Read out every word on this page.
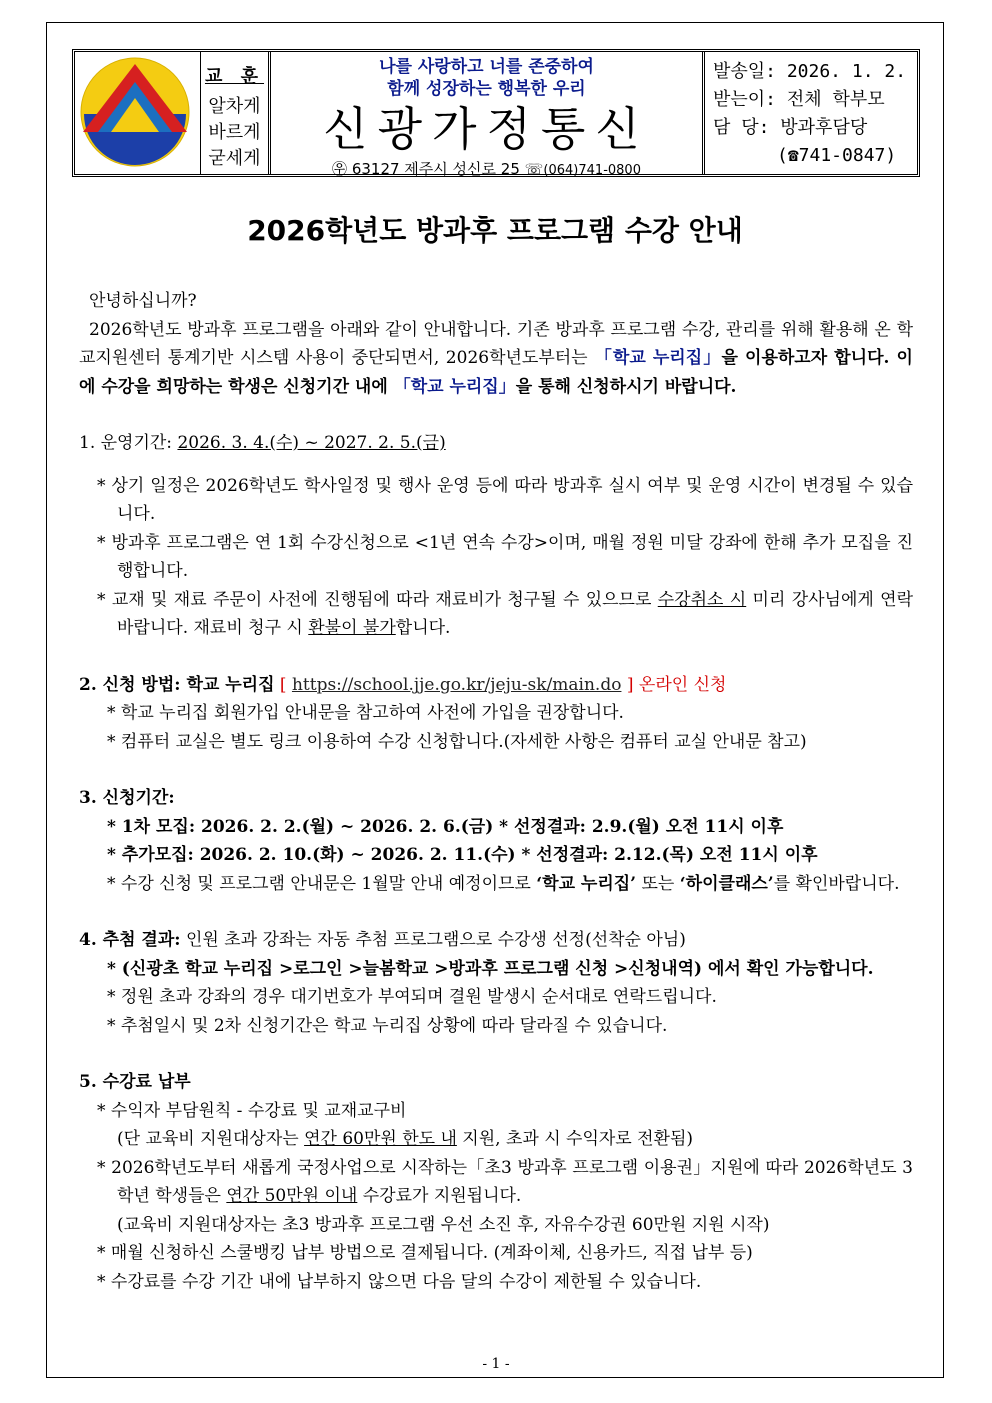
교 훈
알차게
바르게
굳세게
나를 사랑하고 너를 존중하여
함께 성장하는 행복한 우리
신광가정통신
㉾ 63127 제주시 성신로 25 ☏(064)741-0800
발송일: 2026. 1. 2.
받는이: 전체 학부모
담 당: 방과후담당
(☎741-0847)
2026학년도 방과후 프로그램 수강 안내

안녕하십니까?

2026학년도 방과후 프로그램을 아래와 같이 안내합니다. 기존 방과후 프로그램 수강, 관리를 위해 활용해 온 학교지원센터 통계기반 시스템 사용이 중단되면서, 2026학년도부터는 「학교 누리집」을 이용하고자 합니다. 이에 수강을 희망하는 학생은 신청기간 내에 「학교 누리집」을 통해 신청하시기 바랍니다.

1. 운영기간: 2026. 3. 4.(수) ~ 2027. 2. 5.(금)

* 상기 일정은 2026학년도 학사일정 및 행사 운영 등에 따라 방과후 실시 여부 및 운영 시간이 변경될 수 있습니다.

* 방과후 프로그램은 연 1회 수강신청으로 <1년 연속 수강>이며, 매월 정원 미달 강좌에 한해 추가 모집을 진행합니다.

* 교재 및 재료 주문이 사전에 진행됨에 따라 재료비가 청구될 수 있으므로 수강취소 시 미리 강사님에게 연락바랍니다. 재료비 청구 시 환불이 불가합니다.

2. 신청 방법: 학교 누리집 [ https://school.jje.go.kr/jeju-sk/main.do ] 온라인 신청

* 학교 누리집 회원가입 안내문을 참고하여 사전에 가입을 권장합니다.

* 컴퓨터 교실은 별도 링크 이용하여 수강 신청합니다.(자세한 사항은 컴퓨터 교실 안내문 참고)

3. 신청기간:

* 1차 모집: 2026. 2. 2.(월) ~ 2026. 2. 6.(금) * 선정결과: 2.9.(월) 오전 11시 이후

* 추가모집: 2026. 2. 10.(화) ~ 2026. 2. 11.(수) * 선정결과: 2.12.(목) 오전 11시 이후

* 수강 신청 및 프로그램 안내문은 1월말 안내 예정이므로 ‘학교 누리집’ 또는 ‘하이클래스’를 확인바랍니다.

4. 추첨 결과: 인원 초과 강좌는 자동 추첨 프로그램으로 수강생 선정(선착순 아님)

* (신광초 학교 누리집 >로그인 >늘봄학교 >방과후 프로그램 신청 >신청내역) 에서 확인 가능합니다.

* 정원 초과 강좌의 경우 대기번호가 부여되며 결원 발생시 순서대로 연락드립니다.

* 추첨일시 및 2차 신청기간은 학교 누리집 상황에 따라 달라질 수 있습니다.

5. 수강료 납부

* 수익자 부담원칙 - 수강료 및 교재교구비

(단 교육비 지원대상자는 연간 60만원 한도 내 지원, 초과 시 수익자로 전환됨)

* 2026학년도부터 새롭게 국정사업으로 시작하는「초3 방과후 프로그램 이용권」지원에 따라 2026학년도 3학년 학생들은 연간 50만원 이내 수강료가 지원됩니다.

(교육비 지원대상자는 초3 방과후 프로그램 우선 소진 후, 자유수강권 60만원 지원 시작)

* 매월 신청하신 스쿨뱅킹 납부 방법으로 결제됩니다. (계좌이체, 신용카드, 직접 납부 등)

* 수강료를 수강 기간 내에 납부하지 않으면 다음 달의 수강이 제한될 수 있습니다.

- 1 -
